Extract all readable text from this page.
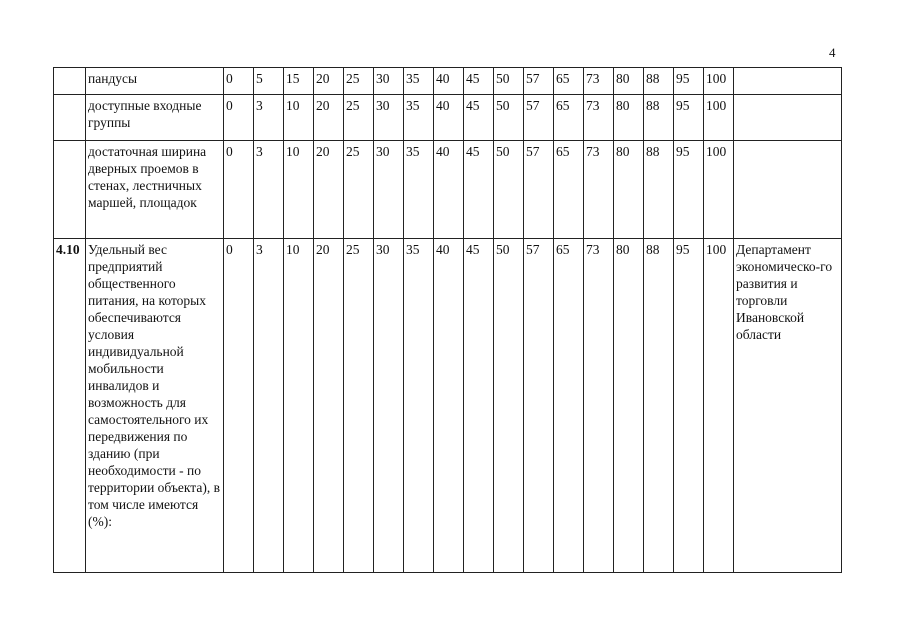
4
	пандусы	0	5	15	20	25	30	35	40	45	50	57	65	73	80	88	95	100	
	доступные входные группы	0	3	10	20	25	30	35	40	45	50	57	65	73	80	88	95	100	
	достаточная ширина дверных проемов в стенах, лестничных маршей, площадок	0	3	10	20	25	30	35	40	45	50	57	65	73	80	88	95	100	
4.10	Удельный вес предприятий общественного питания, на которых обеспечиваются условия индивидуальной мобильности инвалидов и возможность для самостоятельного их передвижения по зданию (при необходимости - по территории объекта), в том числе имеются (%):	0	3	10	20	25	30	35	40	45	50	57	65	73	80	88	95	100	Департамент экономическо-го развития и торговли Ивановской области
